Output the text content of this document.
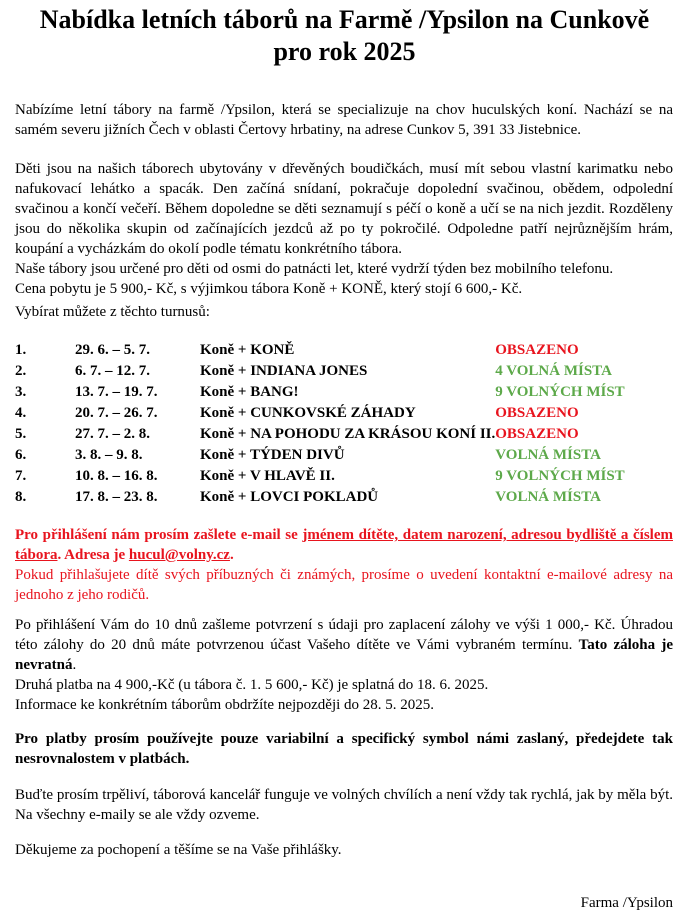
Nabídka letních táborů na Farmě /Ypsilon na Cunkově
pro rok 2025

Nabízíme letní tábory na farmě /Ypsilon, která se specializuje na chov huculských koní. Nachází se na samém severu jižních Čech v oblasti Čertovy hrbatiny, na adrese Cunkov 5, 391 33 Jistebnice.

Děti jsou na našich táborech ubytovány v dřevěných boudičkách, musí mít sebou vlastní karimatku nebo nafukovací lehátko a spacák. Den začíná snídaní, pokračuje dopolední svačinou, obědem, odpolední svačinou a končí večeří. Během dopoledne se děti seznamují s péčí o koně a učí se na nich jezdit. Rozděleny jsou do několika skupin od začínajících jezdců až po ty pokročilé. Odpoledne patří nejrůznějším hrám, koupání a vycházkám do okolí podle tématu konkrétního tábora.
Naše tábory jsou určené pro děti od osmi do patnácti let, které vydrží týden bez mobilního telefonu.
Cena pobytu je 5 900,- Kč, s výjimkou tábora Koně + KONĚ, který stojí 6 600,- Kč.

Vybírat můžete z těchto turnusů:

1.	29. 6. – 5. 7.	Koně + KONĚ	OBSAZENO
2.	6. 7. – 12. 7.	Koně + INDIANA JONES	4 VOLNÁ MÍSTA
3.	13. 7. – 19. 7.	Koně + BANG!	9 VOLNÝCH MÍST
4.	20. 7. – 26. 7.	Koně + CUNKOVSKÉ ZÁHADY	OBSAZENO
5.	27. 7. – 2. 8.	Koně + NA POHODU ZA KRÁSOU KONÍ II.	OBSAZENO
6.	3. 8. – 9. 8.	Koně + TÝDEN DIVŮ	VOLNÁ MÍSTA
7.	10. 8. – 16. 8.	Koně + V HLAVĚ II.	9 VOLNÝCH MÍST
8.	17. 8. – 23. 8.	Koně + LOVCI POKLADŮ	VOLNÁ MÍSTA
Pro přihlášení nám prosím zašlete e-mail se jménem dítěte, datem narození, adresou bydliště a číslem tábora. Adresa je hucul@volny.cz.
Pokud přihlašujete dítě svých příbuzných či známých, prosíme o uvedení kontaktní e-mailové adresy na jednoho z jeho rodičů.
Po přihlášení Vám do 10 dnů zašleme potvrzení s údaji pro zaplacení zálohy ve výši 1 000,- Kč. Úhradou této zálohy do 20 dnů máte potvrzenou účast Vašeho dítěte ve Vámi vybraném termínu. Tato záloha je nevratná.
Druhá platba na 4 900,-Kč (u tábora č. 1. 5 600,- Kč) je splatná do 18. 6. 2025.
Informace ke konkrétním táborům obdržíte nejpozději do 28. 5. 2025.

Pro platby prosím používejte pouze variabilní a specifický symbol námi zaslaný, předejdete tak nesrovnalostem v platbách.

Buďte prosím trpěliví, táborová kancelář funguje ve volných chvílích a není vždy tak rychlá, jak by měla být. Na všechny e-maily se ale vždy ozveme.

Děkujeme za pochopení a těšíme se na Vaše přihlášky.

Farma /Ypsilon
